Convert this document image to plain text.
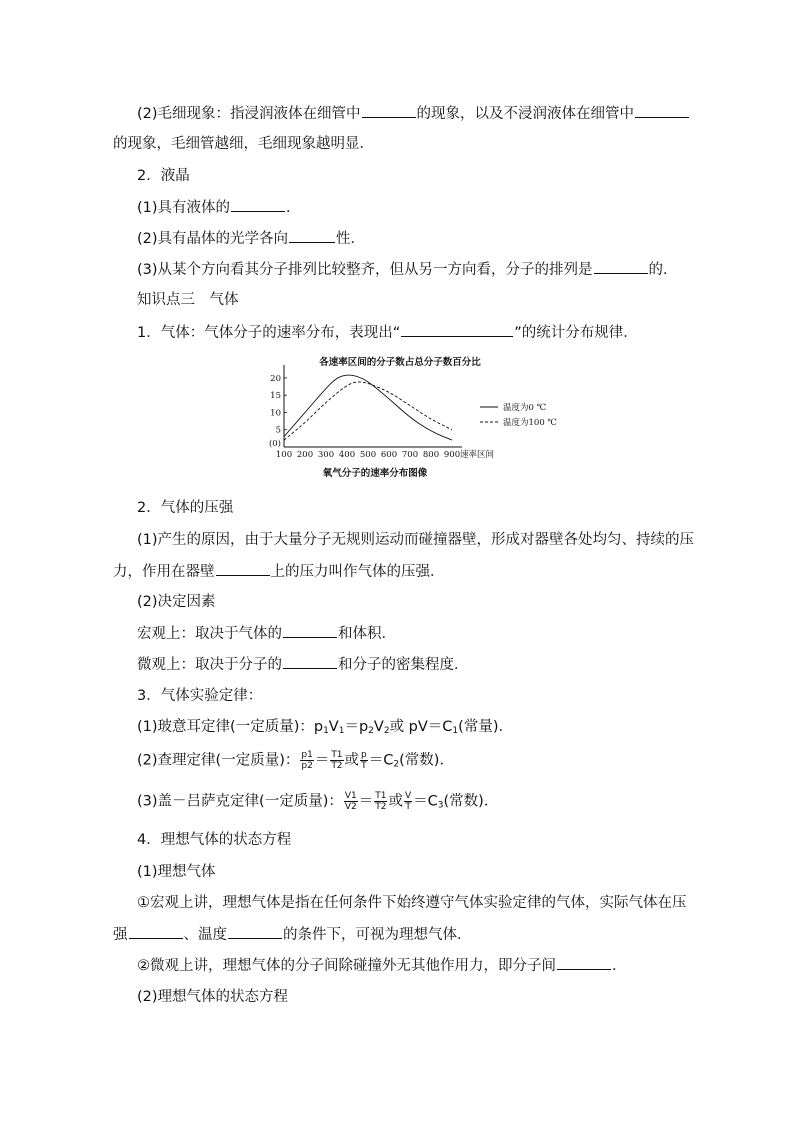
(2)毛细现象：指浸润液体在细管中	的现象，以及不浸润液体在细管中
的现象，毛细管越细，毛细现象越明显．
2．液晶
(1)具有液体的	．
(2)具有晶体的光学各向	性．
(3)从某个方向看其分子排列比较整齐，但从另一方向看，分子的排列是	的．
知识点三　气体
1．气体：气体分子的速率分布，表现出“	”的统计分布规律．
各速率区间的分子数占总分子数百分比
(0)
5
10
15
20
100 200 300 400 500 600 700 800 900 速率区间
温度为0 ℃
温度为100 ℃
氧气分子的速率分布图像
2．气体的压强
(1)产生的原因，由于大量分子无规则运动而碰撞器壁，形成对器壁各处均匀、持续的压
力，作用在器壁	上的压力叫作气体的压强．
(2)决定因素
宏观上：取决于气体的	和体积．
微观上：取决于分子的	和分子的密集程度．
3．气体实验定律：
(1)玻意耳定律(一定质量)：$p_1V_1=p_2V_2$或 $pV=C_1$(常量)．
(2)查理定律(一定质量)： $\frac{p1}{p2} = \frac{T1}{T2}$ 或 $\frac{p}{T} =C_2$(常数)．
(3)盖－吕萨克定律(一定质量)： $\frac{V1}{V2} = \frac{T1}{T2}$ 或 $\frac{V}{T} =C_3$(常数)．
4．理想气体的状态方程
(1)理想气体
①宏观上讲，理想气体是指在任何条件下始终遵守气体实验定律的气体，实际气体在压
强	、温度	的条件下，可视为理想气体．
②微观上讲，理想气体的分子间除碰撞外无其他作用力，即分子间	．
(2)理想气体的状态方程
